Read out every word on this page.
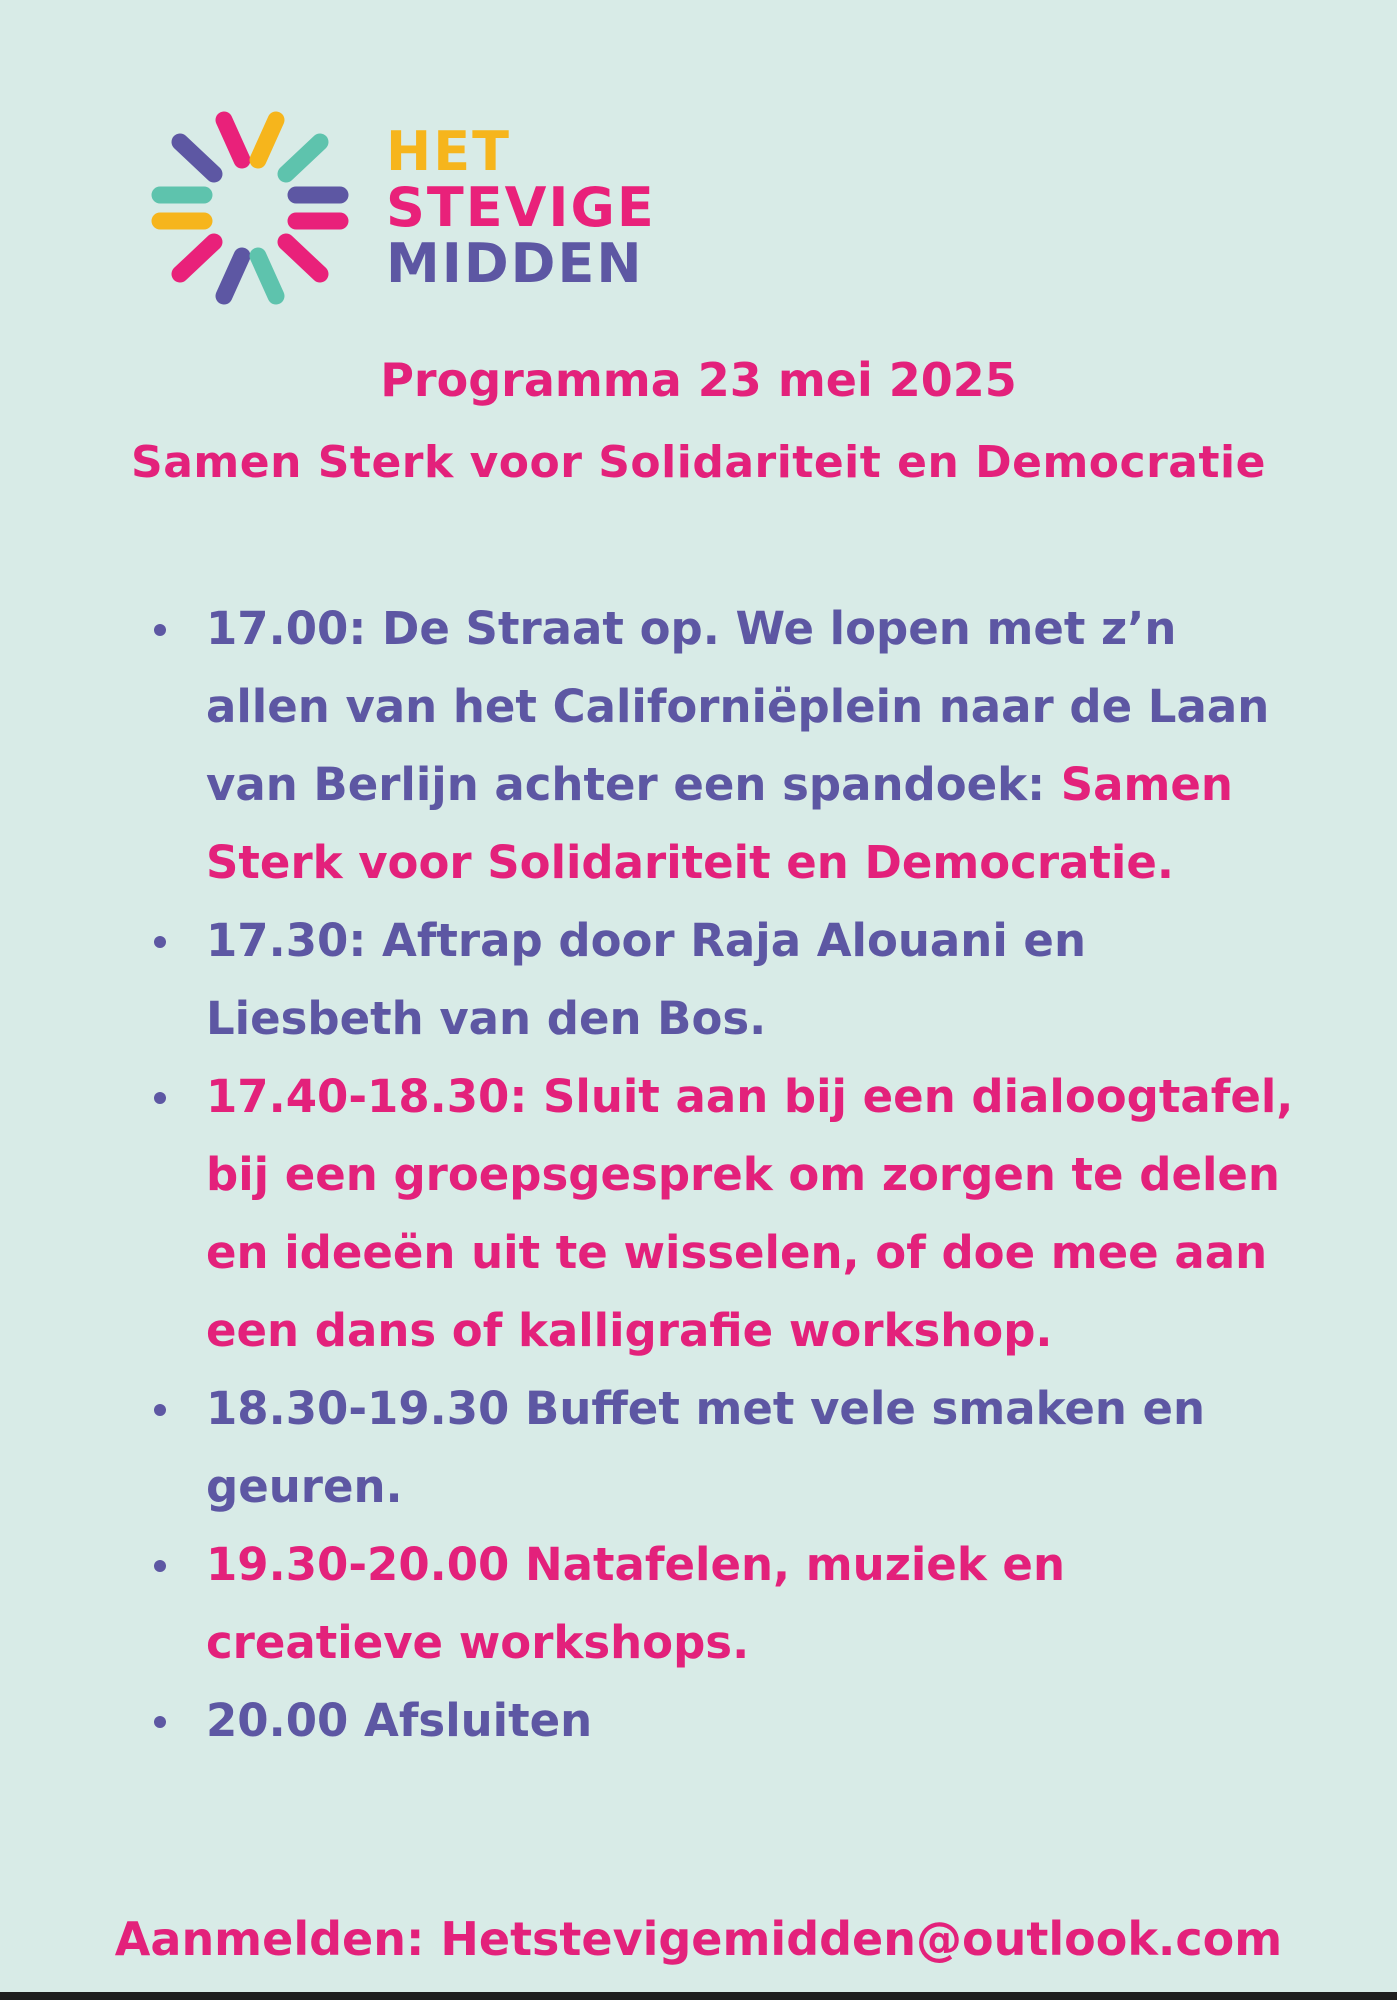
HET
STEVIGE
MIDDEN
Programma 23 mei 2025
Samen Sterk voor Solidariteit en Democratie
17.00: De Straat op. We lopen met z’n allen van het Californiëplein naar de Laan van Berlijn achter een spandoek: Samen Sterk voor Solidariteit en Democratie.
17.30: Aftrap door Raja Alouani en Liesbeth van den Bos.
17.40-18.30: Sluit aan bij een dialoogtafel, bij een groepsgesprek om zorgen te delen en ideeën uit te wisselen, of doe mee aan een dans of kalligrafie workshop.
18.30-19.30 Buffet met vele smaken en geuren.
19.30-20.00 Natafelen, muziek en creatieve workshops.
20.00 Afsluiten
Aanmelden: Hetstevigemidden@outlook.com
